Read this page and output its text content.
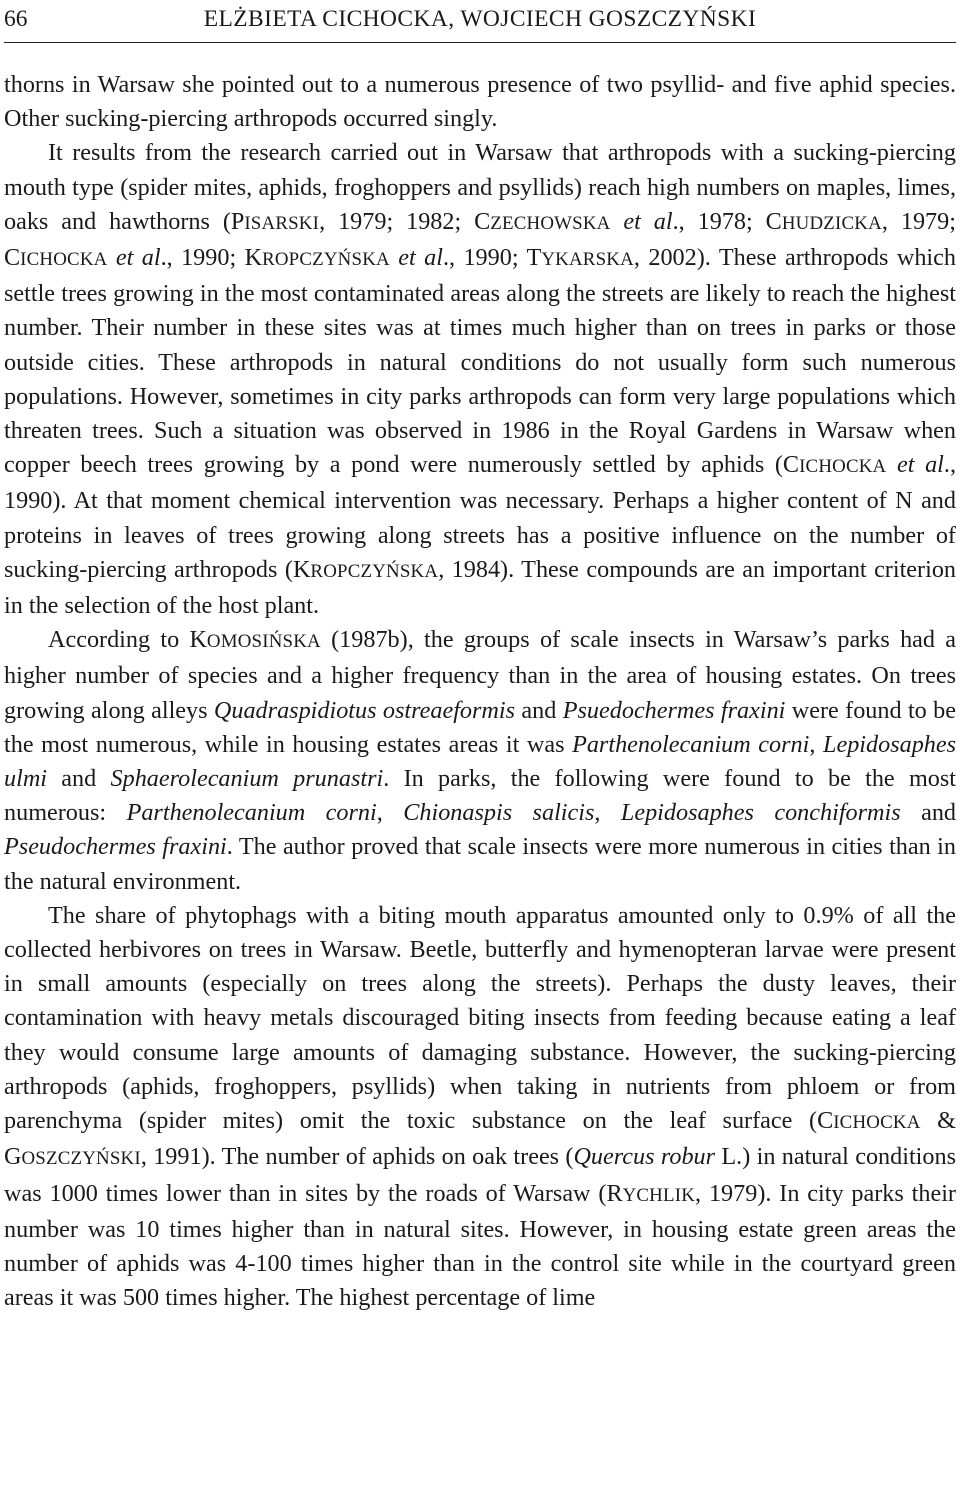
66	ELŻBIETA CICHOCKA, WOJCIECH GOSZCZYŃSKI

thorns in Warsaw she pointed out to a numerous presence of two psyllid- and five aphid species. Other sucking-piercing arthropods occurred singly.

It results from the research carried out in Warsaw that arthropods with a sucking-piercing mouth type (spider mites, aphids, froghoppers and psyllids) reach high numbers on maples, limes, oaks and hawthorns (PISARSKI, 1979; 1982; CZECHOWSKA et al., 1978; CHUDZICKA, 1979; CICHOCKA et al., 1990; KROPCZYŃSKA et al., 1990; TYKARSKA, 2002). These arthropods which settle trees growing in the most contaminated areas along the streets are likely to reach the highest number. Their number in these sites was at times much higher than on trees in parks or those outside cities. These arthropods in natural conditions do not usually form such numerous populations. However, sometimes in city parks arthropods can form very large populations which threaten trees. Such a situation was observed in 1986 in the Royal Gardens in Warsaw when copper beech trees growing by a pond were numerously settled by aphids (CICHOCKA et al., 1990). At that moment chemical intervention was necessary. Perhaps a higher content of N and proteins in leaves of trees growing along streets has a positive influence on the number of sucking-piercing arthropods (KROPCZYŃSKA, 1984). These compounds are an important criterion in the selection of the host plant.

According to KOMOSIŃSKA (1987b), the groups of scale insects in Warsaw’s parks had a higher number of species and a higher frequency than in the area of housing estates. On trees growing along alleys Quadraspidiotus ostreaeformis and Psuedochermes fraxini were found to be the most numerous, while in housing estates areas it was Parthenolecanium corni, Lepidosaphes ulmi and Sphaerolecanium prunastri. In parks, the following were found to be the most numerous: Parthenolecanium corni, Chionaspis salicis, Lepidosaphes conchiformis and Pseudochermes fraxini. The author proved that scale insects were more numerous in cities than in the natural environment.

The share of phytophags with a biting mouth apparatus amounted only to 0.9% of all the collected herbivores on trees in Warsaw. Beetle, butterfly and hymenopteran larvae were present in small amounts (especially on trees along the streets). Perhaps the dusty leaves, their contamination with heavy metals discouraged biting insects from feeding because eating a leaf they would consume large amounts of damaging substance. However, the sucking-piercing arthropods (aphids, froghoppers, psyllids) when taking in nutrients from phloem or from parenchyma (spider mites) omit the toxic substance on the leaf surface (CICHOCKA & GOSZCZYŃSKI, 1991). The number of aphids on oak trees (Quercus robur L.) in natural conditions was 1000 times lower than in sites by the roads of Warsaw (RYCHLIK, 1979). In city parks their number was 10 times higher than in natural sites. However, in housing estate green areas the number of aphids was 4-100 times higher than in the control site while in the courtyard green areas it was 500 times higher. The highest percentage of lime
